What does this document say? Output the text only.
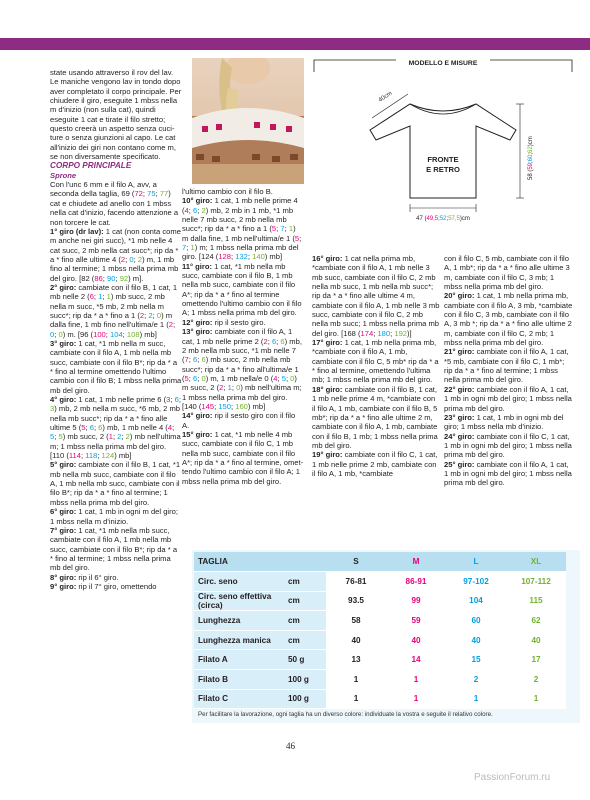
state usando attraverso il rov del lav.

Le maniche vengono lav in tondo dopo aver completato il corpo principale. Per chiudere il giro, eseguite 1 mbss nella m d'inizio (non sulla cat), quindi eseguite 1 cat e tirate il filo stretto; questo creerà un aspetto senza cuciture o senza giunzioni al capo. Le cat all'inizio dei giri non contano come m, se non diversamente specificato.

CORPO PRINCIPALE

Sprone

Con l'unc 6 mm e il filo A, avv, a seconda della taglia, 69 (72; 75; 77) cat e chiudete ad anello con 1 mbss nella cat d'inizio, facendo attenzione a non torcere le cat.

1° giro (dr lav): 1 cat (non conta come m anche nei giri succ), *1 mb nelle 4 cat succ, 2 mb nella cat succ*; rip da * a * fino alle ultime 4 (2; 0; 2) m, 1 mb fino al termine; 1 mbss nella prima mb del giro. [82 (86; 90; 92) m].

2° giro: cambiate con il filo B, 1 cat, 1 mb nelle 2 (6; 1; 1) mb succ, 2 mb nella m succ, *5 mb, 2 mb nella m succ*; rip da * a * fino a 1 (2; 2; 0) m dalla fine, 1 mb fino nell'ultima/e 1 (2; 0; 0) m. [96 (100; 104; 108) mb]

3° giro: 1 cat, *1 mb nella m succ, cambiate con il filo A, 1 mb nella mb succ, cambiate con il filo B*; rip da * a * fino al termine omettendo l'ultimo cambio con il filo B; 1 mbss nella prima mb del giro.

4° giro: 1 cat, 1 mb nelle prime 6 (3; 6; 3) mb, 2 mb nella m succ, *6 mb, 2 mb nella mb succ*; rip da * a * fino alle ultime 5 (5; 6; 6) mb, 1 mb nelle 4 (4; 5; 5) mb succ, 2 (1; 2; 2) mb nell'ultima m; 1 mbss nella prima mb del giro. [110 (114; 118; 124) mb]

5° giro: cambiate con il filo B, 1 cat, *1 mb nella mb succ, cambiate con il filo A, 1 mb nella mb succ, cambiate con il filo B*; rip da * a * fino al termine; 1 mbss nella prima mb del giro.

6° giro: 1 cat, 1 mb in ogni m del giro; 1 mbss nella m d'inizio.

7° giro: 1 cat, *1 mb nella mb succ, cambiate con il filo A, 1 mb nella mb succ, cambiate con il filo B*; rip da * a * fino al termine; 1 mbss nella prima mb del giro.

8° giro: rip il 6° giro.

9° giro: rip il 7° giro, omettendo

MODELLO E MISURE
FRONTE
E RETRO
40cm
58 (59;60;62)cm
47 (49,5;52;57,5)cm

l'ultimo cambio con il filo B.

10° giro: 1 cat, 1 mb nelle prime 4 (4; 6; 2) mb, 2 mb in 1 mb, *1 mb nelle 7 mb succ, 2 mb nella mb succ*; rip da * a * fino a 1 (5; 7; 1) m dalla fine, 1 mb nell'ultima/e 1 (5; 7; 1) m; 1 mbss nella prima mb del giro. [124 (128; 132; 140) mb]

11° giro: 1 cat, *1 mb nella mb succ, cambiate con il filo B, 1 mb nella mb succ, cambiate con il filo A*; rip da * a * fino al termine omettendo l'ultimo cambio con il filo A; 1 mbss nella prima mb del giro.

12° giro: rip il sesto giro.

13° giro: cambiate con il filo A, 1 cat, 1 mb nelle prime 2 (2; 6; 6) mb, 2 mb nella mb succ, *1 mb nelle 7 (7; 6; 6) mb succ, 2 mb nella mb succ*; rip da * a * fino all'ultima/e 1 (5; 6; 0) m, 1 mb nella/e 0 (4; 5; 0) m succ, 2 (2; 1; 0) mb nell'ultima m; 1 mbss nella prima mb del giro. [140 (145; 150; 160) mb]

14° giro: rip il sesto giro con il filo A.

15° giro: 1 cat, *1 mb nelle 4 mb succ, cambiate con il filo C, 1 mb nella mb succ, cambiate con il filo A*; rip da * a * fino al termine, omettendo l'ultimo cambio con il filo A; 1 mbss nella prima mb del giro.

16° giro: 1 cat nella prima mb, *cambiate con il filo A, 1 mb nelle 3 mb succ, cambiate con il filo C, 2 mb nella mb succ, 1 mb nella mb succ*; rip da * a * fino alle ultime 4 m, cambiate con il filo A, 1 mb nelle 3 mb succ, cambiate con il filo C, 2 mb nella mb succ; 1 mbss nella prima mb del giro. [168 (174; 180; 192)]

17° giro: 1 cat, 1 mb nella prima mb, *cambiate con il filo A, 1 mb, cambiate con il filo C, 5 mb* rip da * a * fino al termine, omettendo l'ultima mb; 1 mbss nella prima mb del giro.

18° giro: cambiate con il filo B, 1 cat, 1 mb nelle prime 4 m, *cambiate con il filo A, 1 mb, cambiate con il filo B, 5 mb*; rip da * a * fino alle ultime 2 m, cambiate con il filo A, 1 mb, cambiate con il filo B, 1 mb; 1 mbss nella prima mb del giro.

19° giro: cambiate con il filo C, 1 cat, 1 mb nelle prime 2 mb, cambiate con il filo A, 1 mb, *cambiate

con il filo C, 5 mb, cambiate con il filo A, 1 mb*; rip da * a * fino alle ultime 3 m, cambiate con il filo C, 3 mb; 1 mbss nella prima mb del giro.

20° giro: 1 cat, 1 mb nella prima mb, cambiate con il filo A, 3 mb, *cambiate con il filo C, 3 mb, cambiate con il filo A, 3 mb *; rip da * a * fino alle ultime 2 m, cambiate con il filo C, 2 mb; 1 mbss nella prima mb del giro.

21° giro: cambiate con il filo A, 1 cat, *5 mb, cambiate con il filo C, 1 mb*; rip da * a * fino al termine; 1 mbss nella prima mb del giro.

22° giro: cambiate con il filo A, 1 cat, 1 mb in ogni mb del giro; 1 mbss nella prima mb del giro.

23° giro: 1 cat, 1 mb in ogni mb del giro; 1 mbss nella mb d'inizio.

24° giro: cambiate con il filo C, 1 cat, 1 mb in ogni mb del giro; 1 mbss nella prima mb del giro.

25° giro: cambiate con il filo A, 1 cat, 1 mb in ogni mb del giro; 1 mbss nella prima mb del giro.

TAGLIA		S	M	L	XL
Circ. seno	cm	76-81	86-91	97-102	107-112
Circ. seno effettiva (circa)	cm	93.5	99	104	115
Lunghezza	cm	58	59	60	62
Lunghezza manica	cm	40	40	40	40
Filato A	50 g	13	14	15	17
Filato B	100 g	1	1	2	2
Filato C	100 g	1	1	1	1
Per facilitare la lavorazione, ogni taglia ha un diverso colore: individuate la vostra e seguite il relativo colore.
46
PassionForum.ru
